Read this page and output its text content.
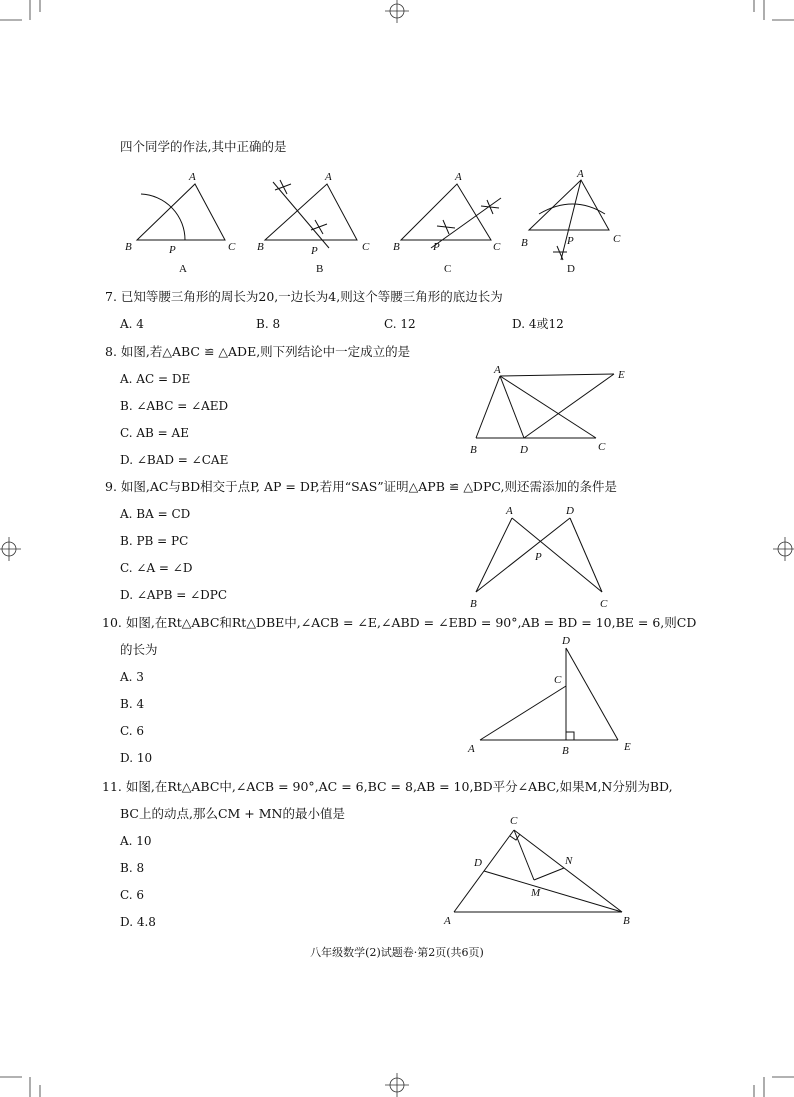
四个同学的作法,其中正确的是
A
B	P	C
A
A
B	P	C
B
A
B	P	C
C
A
B	P	C
D
7. 已知等腰三角形的周长为20,一边长为4,则这个等腰三角形的底边长为
A. 4	B. 8	C. 12	D. 4或12
8. 如图,若△ABC ≌ △ADE,则下列结论中一定成立的是
A. AC = DE
B. ∠ABC = ∠AED
C. AB = AE
D. ∠BAD = ∠CAE
A	E
B	D	C
9. 如图,AC与BD相交于点P, AP = DP,若用“SAS”证明△APB ≌ △DPC,则还需添加的条件是
A. BA = CD
B. PB = PC
C. ∠A = ∠D
D. ∠APB = ∠DPC
A	D
P
B	C
10. 如图,在Rt△ABC和Rt△DBE中,∠ACB = ∠E,∠ABD = ∠EBD = 90°,AB = BD = 10,BE = 6,则CD
的长为
A. 3
B. 4
C. 6
D. 10
D
C
A	B	E
11. 如图,在Rt△ABC中,∠ACB = 90°,AC = 6,BC = 8,AB = 10,BD平分∠ABC,如果M,N分别为BD,
BC上的动点,那么CM + MN的最小值是
A. 10
B. 8
C. 6
D. 4.8
C
D	N
M
A	B
八年级数学(2)试题卷·第2页(共6页)
